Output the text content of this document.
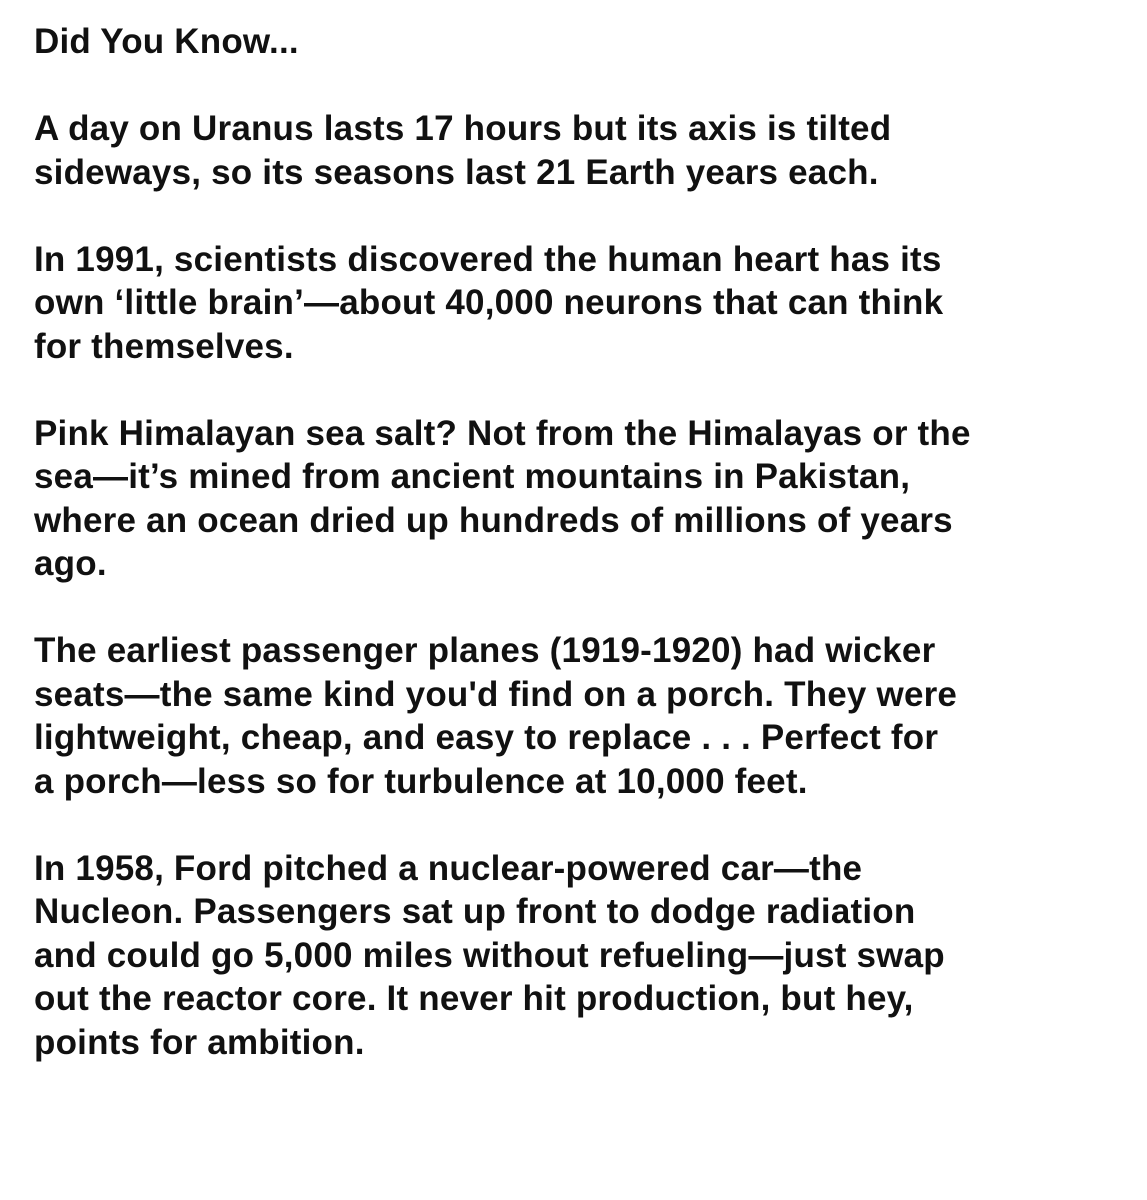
Did You Know...
A day on Uranus lasts 17 hours but its axis is tilted
sideways, so its seasons last 21 Earth years each.
In 1991, scientists discovered the human heart has its
own ‘little brain’—about 40,000 neurons that can think
for themselves.
Pink Himalayan sea salt? Not from the Himalayas or the
sea—it’s mined from ancient mountains in Pakistan,
where an ocean dried up hundreds of millions of years
ago.
The earliest passenger planes (1919-1920) had wicker
seats—the same kind you'd find on a porch. They were
lightweight, cheap, and easy to replace . . . Perfect for
a porch—less so for turbulence at 10,000 feet.
In 1958, Ford pitched a nuclear-powered car—the
Nucleon. Passengers sat up front to dodge radiation
and could go 5,000 miles without refueling—just swap
out the reactor core. It never hit production, but hey,
points for ambition.
